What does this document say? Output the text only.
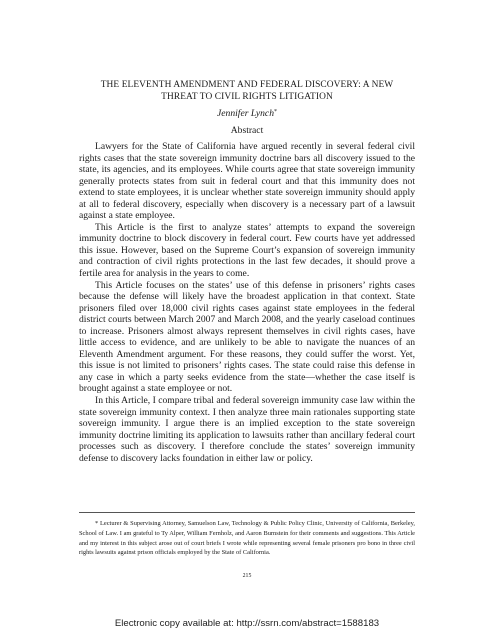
THE ELEVENTH AMENDMENT AND FEDERAL DISCOVERY: A NEW THREAT TO CIVIL RIGHTS LITIGATION
Jennifer Lynch*
Abstract

Lawyers for the State of California have argued recently in several federal civil rights cases that the state sovereign immunity doctrine bars all discovery issued to the state, its agencies, and its employees. While courts agree that state sovereign immunity generally protects states from suit in federal court and that this immunity does not extend to state employees, it is unclear whether state sovereign immunity should apply at all to federal discovery, especially when discovery is a necessary part of a lawsuit against a state employee.

This Article is the first to analyze states’ attempts to expand the sovereign immunity doctrine to block discovery in federal court. Few courts have yet addressed this issue. However, based on the Supreme Court’s expansion of sovereign immunity and contraction of civil rights protections in the last few decades, it should prove a fertile area for analysis in the years to come.

This Article focuses on the states’ use of this defense in prisoners’ rights cases because the defense will likely have the broadest application in that context. State prisoners filed over 18,000 civil rights cases against state employees in the federal district courts between March 2007 and March 2008, and the yearly caseload continues to increase. Prisoners almost always represent themselves in civil rights cases, have little access to evidence, and are unlikely to be able to navigate the nuances of an Eleventh Amendment argument. For these reasons, they could suffer the worst. Yet, this issue is not limited to prisoners’ rights cases. The state could raise this defense in any case in which a party seeks evidence from the state—whether the case itself is brought against a state employee or not.

In this Article, I compare tribal and federal sovereign immunity case law within the state sovereign immunity context. I then analyze three main rationales supporting state sovereign immunity. I argue there is an implied exception to the state sovereign immunity doctrine limiting its application to lawsuits rather than ancillary federal court processes such as discovery. I therefore conclude the states’ sovereign immunity defense to discovery lacks foundation in either law or policy.

* Lecturer & Supervising Attorney, Samuelson Law, Technology & Public Policy Clinic, University of California, Berkeley, School of Law. I am grateful to Ty Alper, William Fernholz, and Aaron Burnstein for their comments and suggestions. This Article and my interest in this subject arose out of court briefs I wrote while representing several female prisoners pro bono in three civil rights lawsuits against prison officials employed by the State of California.
215
Electronic copy available at: http://ssrn.com/abstract=1588183
